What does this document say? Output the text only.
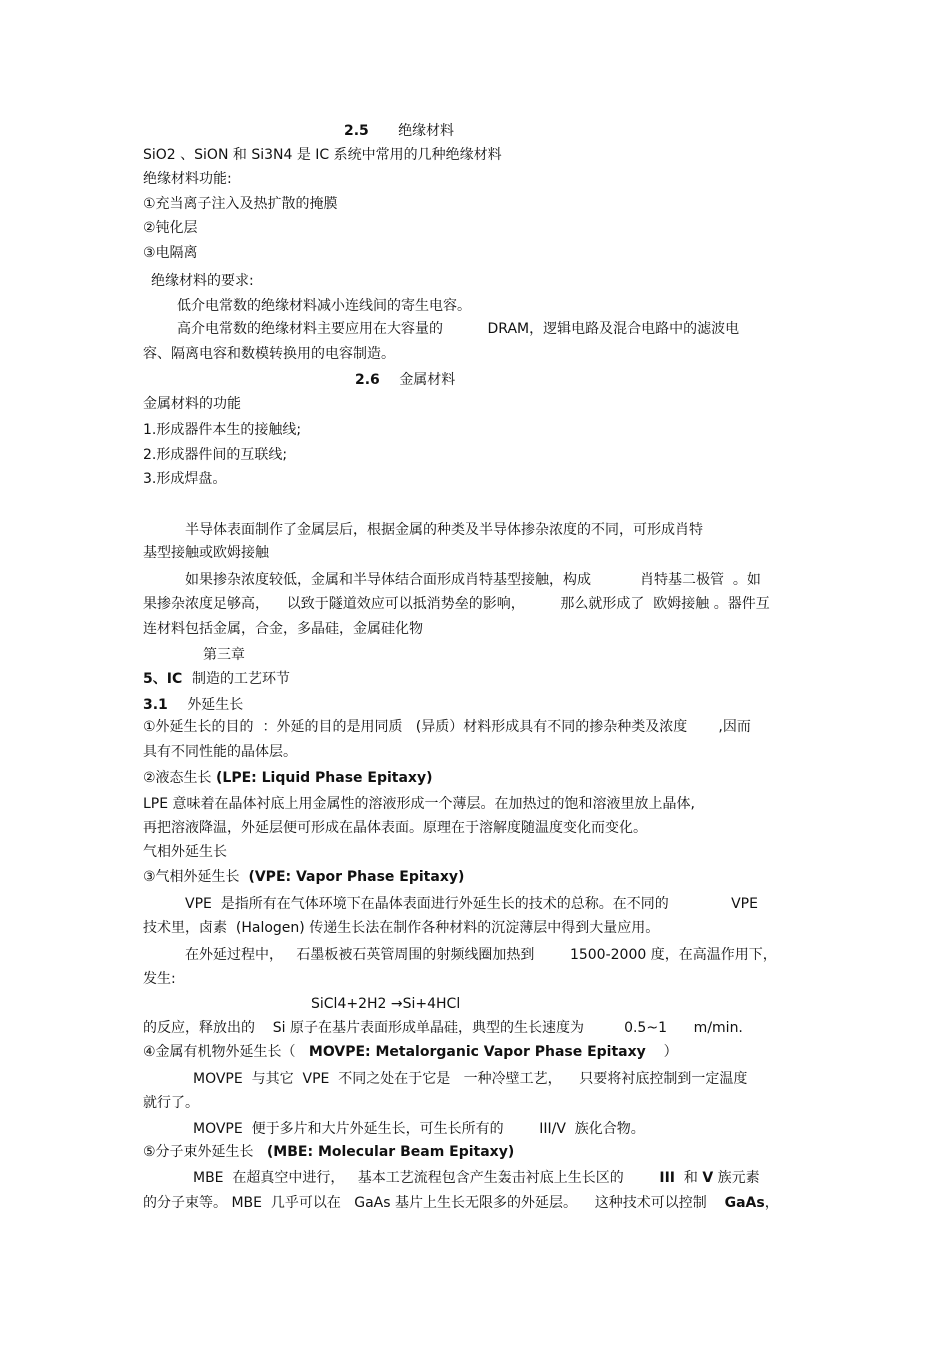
2.5 绝缘材料
SiO2 、SiON 和 Si3N4 是 IC 系统中常用的几种绝缘材料
绝缘材料功能:
①充当离子注入及热扩散的掩膜
②钝化层
③电隔离
绝缘材料的要求:
低介电常数的绝缘材料减小连线间的寄生电容。
高介电常数的绝缘材料主要应用在大容量的          DRAM，逻辑电路及混合电路中的滤波电
容、隔离电容和数模转换用的电容制造。
2.6 金属材料
金属材料的功能
1.形成器件本生的接触线;
2.形成器件间的互联线;
3.形成焊盘。
半导体表面制作了金属层后，根据金属的种类及半导体掺杂浓度的不同，可形成肖特
基型接触或欧姆接触
如果掺杂浓度较低，金属和半导体结合面形成肖特基型接触，构成           肖特基二极管  。如
果掺杂浓度足够高，    以致于隧道效应可以抵消势垒的影响，        那么就形成了  欧姆接触 。器件互
连材料包括金属，合金，多晶硅，金属硅化物
第三章
5、IC 制造的工艺环节
3.1 外延生长
①外延生长的目的  ：外延的目的是用同质   (异质）材料形成具有不同的掺杂种类及浓度       ,因而
具有不同性能的晶体层。
②液态生长 (LPE: Liquid Phase Epitaxy)
LPE 意味着在晶体衬底上用金属性的溶液形成一个薄层。在加热过的饱和溶液里放上晶体,
再把溶液降温，外延层便可形成在晶体表面。原理在于溶解度随温度变化而变化。
气相外延生长
③气相外延生长  (VPE: Vapor Phase Epitaxy)
VPE  是指所有在气体环境下在晶体表面进行外延生长的技术的总称。在不同的              VPE
技术里，卤素  (Halogen) 传递生长法在制作各种材料的沉淀薄层中得到大量应用。
在外延过程中，   石墨板被石英管周围的射频线圈加热到        1500-2000 度，在高温作用下，
发生:
SiCl4+2H2 →Si+4HCl
的反应，释放出的    Si 原子在基片表面形成单晶硅，典型的生长速度为         0.5~1      m/min.
④金属有机物外延生长（   MOVPE: Metalorganic Vapor Phase Epitaxy    ）
MOVPE  与其它  VPE  不同之处在于它是   一种冷壁工艺，    只要将衬底控制到一定温度
就行了。
MOVPE  便于多片和大片外延生长，可生长所有的        III/V  族化合物。
⑤分子束外延生长   (MBE: Molecular Beam Epitaxy)
MBE  在超真空中进行，   基本工艺流程包含产生轰击衬底上生长区的        III  和 V 族元素
的分子束等。 MBE  几乎可以在   GaAs 基片上生长无限多的外延层。    这种技术可以控制    GaAs，
